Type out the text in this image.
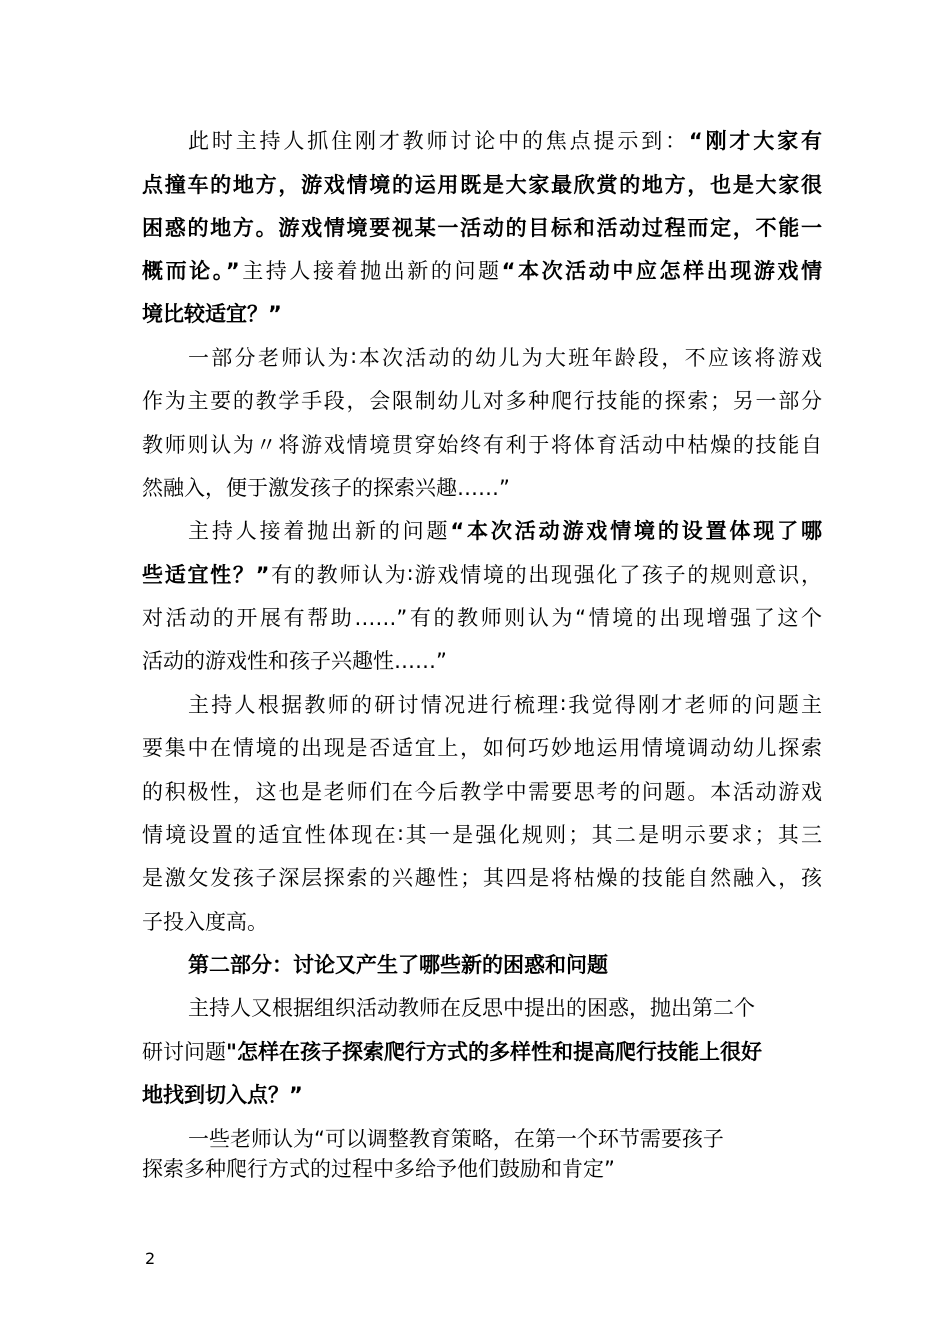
此时主持人抓住刚才教师讨论中的焦点提示到：“刚才大家有
点撞车的地方，游戏情境的运用既是大家最欣赏的地方，也是大家很
困惑的地方。游戏情境要视某一活动的目标和活动过程而定，不能一
概而论。”主持人接着抛出新的问题“本次活动中应怎样出现游戏情
境比较适宜？”
一部分老师认为∶本次活动的幼儿为大班年龄段，不应该将游戏
作为主要的教学手段，会限制幼儿对多种爬行技能的探索；另一部分
教师则认为〃将游戏情境贯穿始终有利于将体育活动中枯燥的技能自
然融入，便于激发孩子的探索兴趣……”
主持人接着抛出新的问题“本次活动游戏情境的设置体现了哪
些适宜性？”有的教师认为∶游戏情境的出现强化了孩子的规则意识，
对活动的开展有帮助……”有的教师则认为“情境的出现增强了这个
活动的游戏性和孩子兴趣性……”
主持人根据教师的研讨情况进行梳理∶我觉得刚才老师的问题主
要集中在情境的出现是否适宜上，如何巧妙地运用情境调动幼儿探索
的积极性，这也是老师们在今后教学中需要思考的问题。本活动游戏
情境设置的适宜性体现在∶其一是强化规则；其二是明示要求；其三
是激攵发孩子深层探索的兴趣性；其四是将枯燥的技能自然融入，孩
子投入度高。
第二部分：讨论又产生了哪些新的困惑和问题
主持人又根据组织活动教师在反思中提出的困惑，抛出第二个
研讨问题"怎样在孩子探索爬行方式的多样性和提高爬行技能上很好
地找到切入点？”
一些老师认为“可以调整教育策略，在第一个环节需要孩子
探索多种爬行方式的过程中多给予他们鼓励和肯定”
2
